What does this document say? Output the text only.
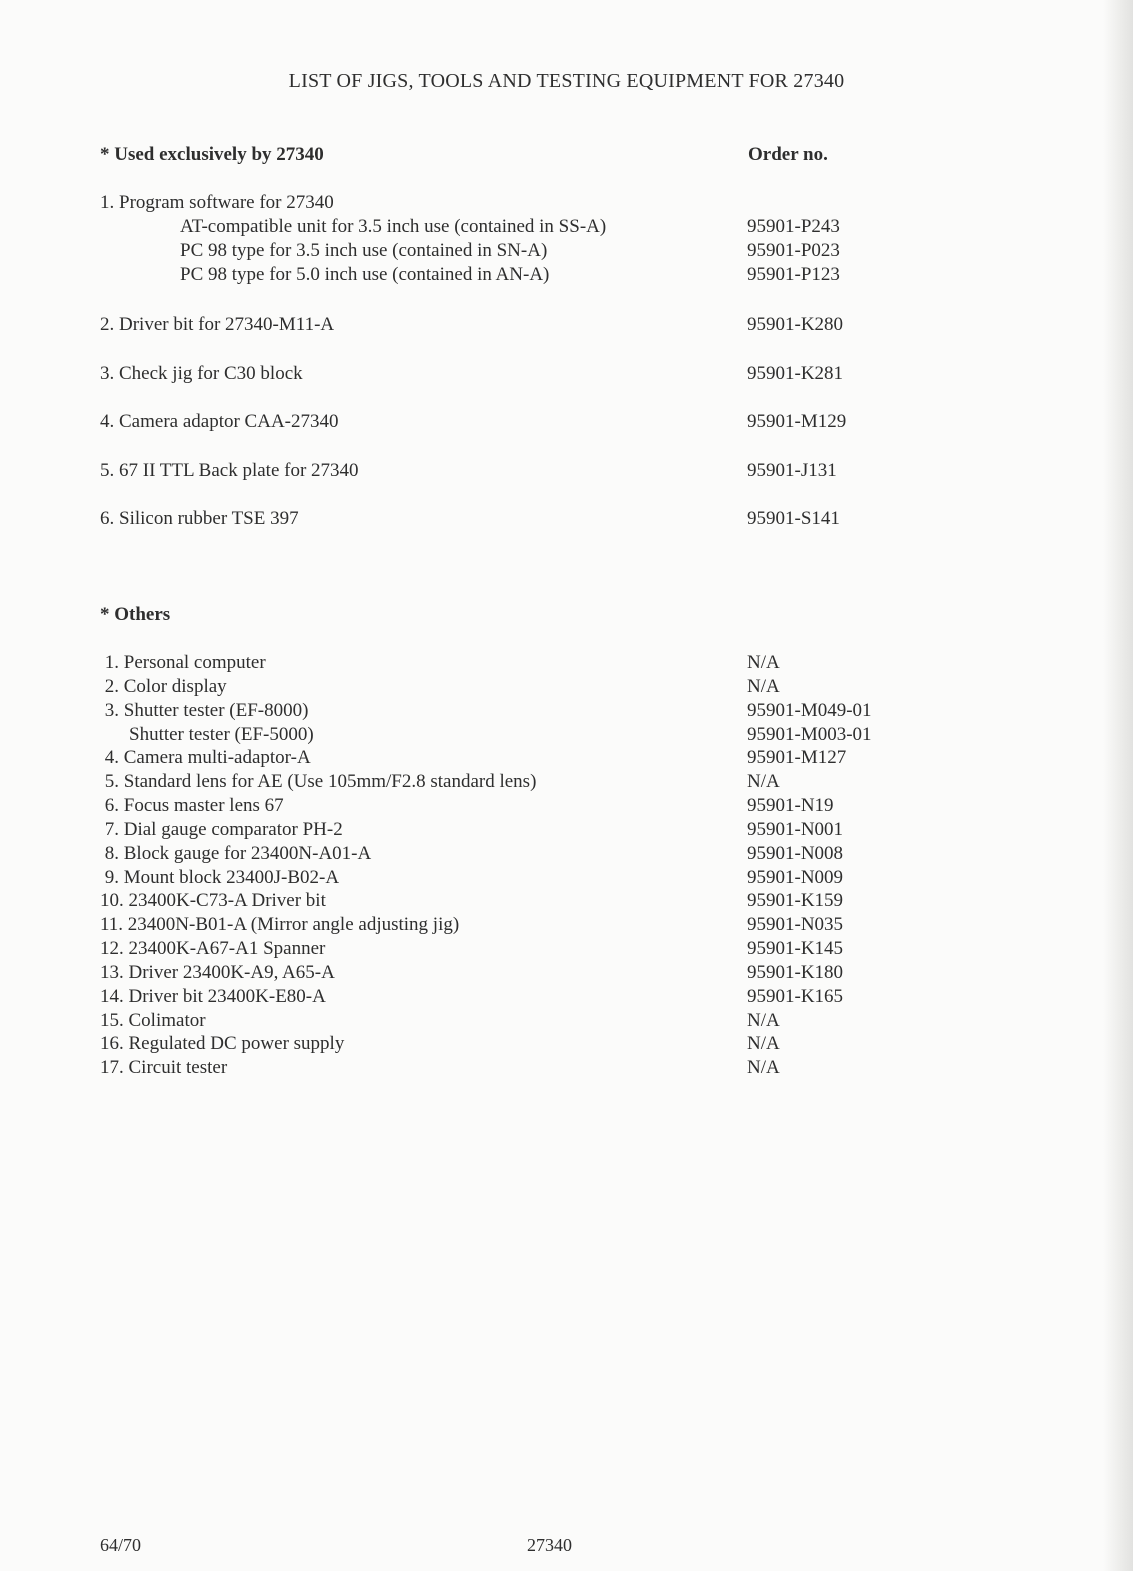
LIST OF JIGS, TOOLS AND TESTING EQUIPMENT FOR 27340
* Used exclusively by 27340	Order no.
1. Program software for 27340
AT-compatible unit for 3.5 inch use (contained in SS-A)	95901-P243
PC 98 type for 3.5 inch use (contained in SN-A)	95901-P023
PC 98 type for 5.0 inch use (contained in AN-A)	95901-P123
2. Driver bit for 27340-M11-A	95901-K280
3. Check jig for C30 block	95901-K281
4. Camera adaptor CAA-27340	95901-M129
5. 67 II TTL Back plate for 27340	95901-J131
6. Silicon rubber TSE 397	95901-S141
* Others
1. Personal computer	N/A
2. Color display	N/A
3. Shutter tester (EF-8000)	95901-M049-01
Shutter tester (EF-5000)	95901-M003-01
4. Camera multi-adaptor-A	95901-M127
5. Standard lens for AE (Use 105mm/F2.8 standard lens)	N/A
6. Focus master lens 67	95901-N19
7. Dial gauge comparator PH-2	95901-N001
8. Block gauge for 23400N-A01-A	95901-N008
9. Mount block 23400J-B02-A	95901-N009
10. 23400K-C73-A Driver bit	95901-K159
11. 23400N-B01-A (Mirror angle adjusting jig)	95901-N035
12. 23400K-A67-A1 Spanner	95901-K145
13. Driver 23400K-A9, A65-A	95901-K180
14. Driver bit 23400K-E80-A	95901-K165
15. Colimator	N/A
16. Regulated DC power supply	N/A
17. Circuit tester	N/A
64/70	27340
